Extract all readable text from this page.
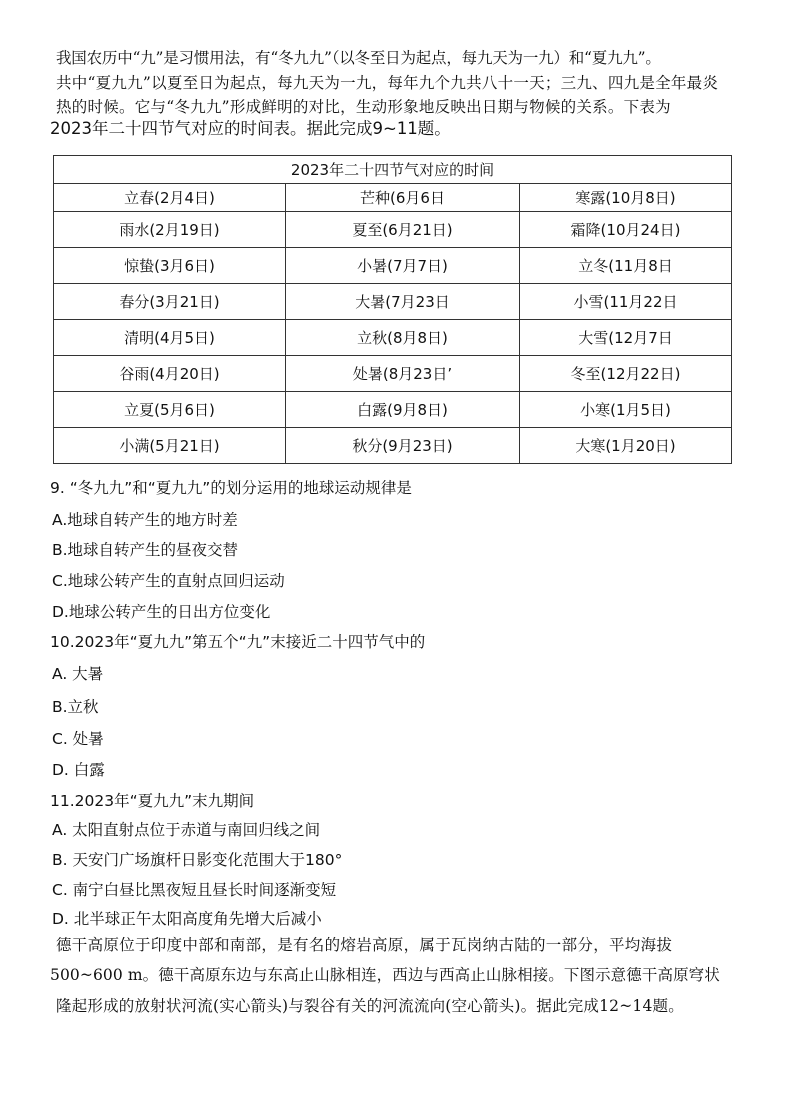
我国农历中“九”是习惯用法，有“冬九九”（以冬至日为起点，每九天为一九）和“夏九九”。
共中“夏九九”以夏至日为起点，每九天为一九，每年九个九共八十一天；三九、四九是全年最炎
热的时候。它与“冬九九”形成鲜明的对比，生动形象地反映出日期与物候的关系。下表为
2023年二十四节气对应的时间表。据此完成9~11题。
2023年二十四节气对应的时间		
立春(2月4日)	芒种(6月6日	寒露(10月8日)
雨水(2月19日)	夏至(6月21日)	霜降(10月24日)
惊蛰(3月6日)	小暑(7月7日)	立冬(11月8日
春分(3月21日)	大暑(7月23日	小雪(11月22日
清明(4月5日)	立秋(8月8日)	大雪(12月7日
谷雨(4月20日)	处暑(8月23日’	冬至(12月22日)
立夏(5月6日)	白露(9月8日)	小寒(1月5日)
小满(5月21日)	秋分(9月23日)	大寒(1月20日)
9. “冬九九”和“夏九九”的划分运用的地球运动规律是
A.地球自转产生的地方时差
B.地球自转产生的昼夜交替
C.地球公转产生的直射点回归运动
D.地球公转产生的日出方位变化
10.2023年“夏九九”第五个“九”末接近二十四节气中的
A. 大暑
B.立秋
C. 处暑
D. 白露
11.2023年“夏九九”末九期间
A. 太阳直射点位于赤道与南回归线之间
B. 天安门广场旗杆日影变化范围大于180°
C. 南宁白昼比黑夜短且昼长时间逐渐变短
D. 北半球正午太阳高度角先增大后减小
德干高原位于印度中部和南部，是有名的熔岩高原，属于瓦岗纳古陆的一部分，平均海拔
500~600 m。德干高原东边与东高止山脉相连，西边与西高止山脉相接。下图示意德干高原穹状
隆起形成的放射状河流(实心箭头)与裂谷有关的河流流向(空心箭头)。据此完成12~14题。
